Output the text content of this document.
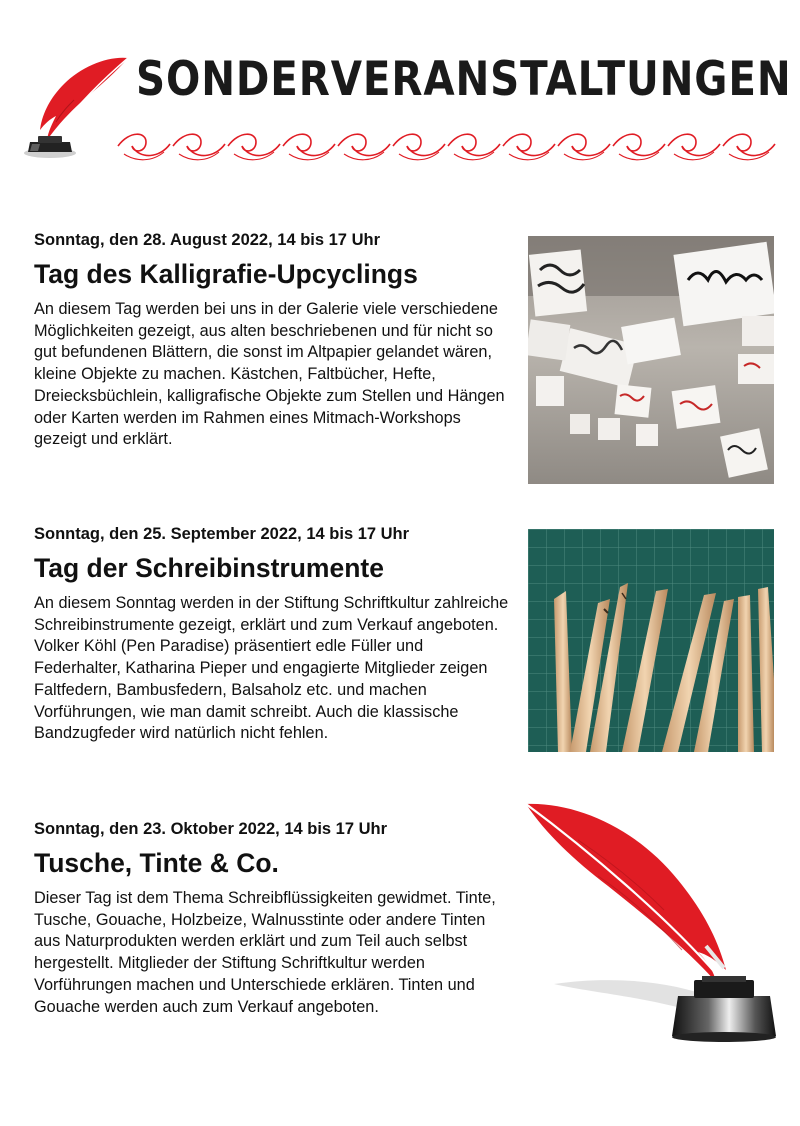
SONDERVERANSTALTUNGEN
Sonntag, den 28. August 2022, 14 bis 17 Uhr
Tag des Kalligrafie-Upcyclings
An diesem Tag werden bei uns in der Galerie viele verschiedene Möglichkeiten gezeigt, aus alten beschriebenen und für nicht so gut befundenen Blättern, die sonst im Altpapier gelandet wären, kleine Objekte zu machen. Kästchen, Faltbücher, Hefte, Dreiecksbüchlein, kalligrafische Objekte zum Stellen und Hängen oder Karten werden im Rahmen eines Mitmach-Workshops gezeigt und erklärt.
Sonntag, den 25. September 2022, 14 bis 17 Uhr
Tag der Schreibinstrumente
An diesem Sonntag werden in der Stiftung Schriftkultur zahlreiche Schreibinstrumente gezeigt, erklärt und zum Verkauf angeboten. Volker Köhl (Pen Paradise) präsentiert edle Füller und Federhalter, Katharina Pieper und engagierte Mitglieder zeigen Faltfedern, Bambusfedern, Balsaholz etc. und machen Vorführungen, wie man damit schreibt. Auch die klassische Bandzugfeder wird natürlich nicht fehlen.
Sonntag, den 23. Oktober 2022, 14 bis 17 Uhr
Tusche, Tinte & Co.
Dieser Tag ist dem Thema Schreibflüssigkeiten gewidmet. Tinte, Tusche, Gouache, Holzbeize, Walnusstinte oder andere Tinten aus Naturprodukten werden erklärt und zum Teil auch selbst hergestellt. Mitglieder der Stiftung Schriftkultur werden Vorführungen machen und Unterschiede erklären. Tinten und Gouache werden auch zum Verkauf angeboten.
